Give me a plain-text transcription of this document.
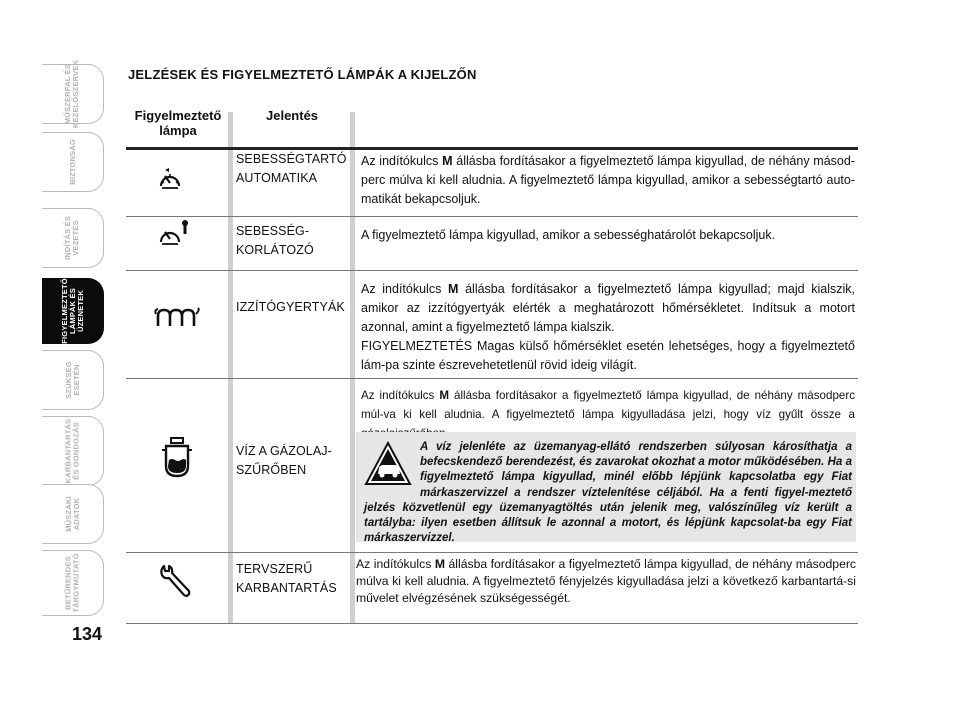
MŰSZERFAL ÉS
KEZELŐSZERVEK
BIZTONSÁG
INDÍTÁS ÉS
VEZETÉS
FIGYELMEZTETŐ
LÁMPÁK ÉS
ÜZENETEK
SZÜKSÉG
ESETÉN
KARBANTARTÁS
ÉS GONDOZÁS
MŰSZAKI
ADATOK
BETŰRENDES
TÁRGYMUTATÓ
134
JELZÉSEK ÉS FIGYELMEZTETŐ LÁMPÁK A KIJELZŐN
Figyelmeztető
lámpa
Jelentés
SEBESSÉGTARTÓ
AUTOMATIKA
Az indítókulcs M állásba fordításakor a figyelmeztető lámpa kigyullad, de néhány másod-perc múlva ki kell aludnia. A figyelmeztető lámpa kigyullad, amikor a sebességtartó auto-matikát bekapcsoljuk.
SEBESSÉG-
KORLÁTOZÓ
A figyelmeztető lámpa kigyullad, amikor a sebességhatárolót bekapcsoljuk.
IZZÍTÓGYERTYÁK
Az indítókulcs M állásba fordításakor a figyelmeztető lámpa kigyullad; majd kialszik, amikor az izzítógyertyák elérték a meghatározott hőmérsékletet. Indítsuk a motort azonnal, amint a figyelmeztető lámpa kialszik.
FIGYELMEZTETÉS Magas külső hőmérséklet esetén lehetséges, hogy a figyelmeztető lám-pa szinte észrevehetetlenül rövid ideig világít.
VÍZ A GÁZOLAJ-
SZŰRŐBEN
Az indítókulcs M állásba fordításakor a figyelmeztető lámpa kigyullad, de néhány másodperc múl-va ki kell aludnia. A figyelmeztető lámpa kigyulladása jelzi, hogy víz gyűlt össze a
A víz jelenléte az üzemanyag-ellátó rendszerben súlyosan károsíthatja a befecskendező berendezést, és zavarokat okozhat a motor működésében. Ha a figyelmeztető lámpa kigyullad, minél előbb lépjünk kapcsolatba egy Fiat márkaszervizzel a rendszer víztelenítése céljából. Ha a fenti figyel-meztető jelzés közvetlenül egy üzemanyagtöltés után jelenik meg, valószínűleg víz került a tartályba: ilyen esetben állítsuk le azonnal a motort, és lépjünk kapcsolat-ba egy Fiat márkaszervizzel.
TERVSZERŰ
KARBANTARTÁS
Az indítókulcs M állásba fordításakor a figyelmeztető lámpa kigyullad, de néhány másodperc múlva ki kell aludnia. A figyelmeztető fényjelzés kigyulladása jelzi a következő karbantartá-si művelet elvégzésének szükségességét.
